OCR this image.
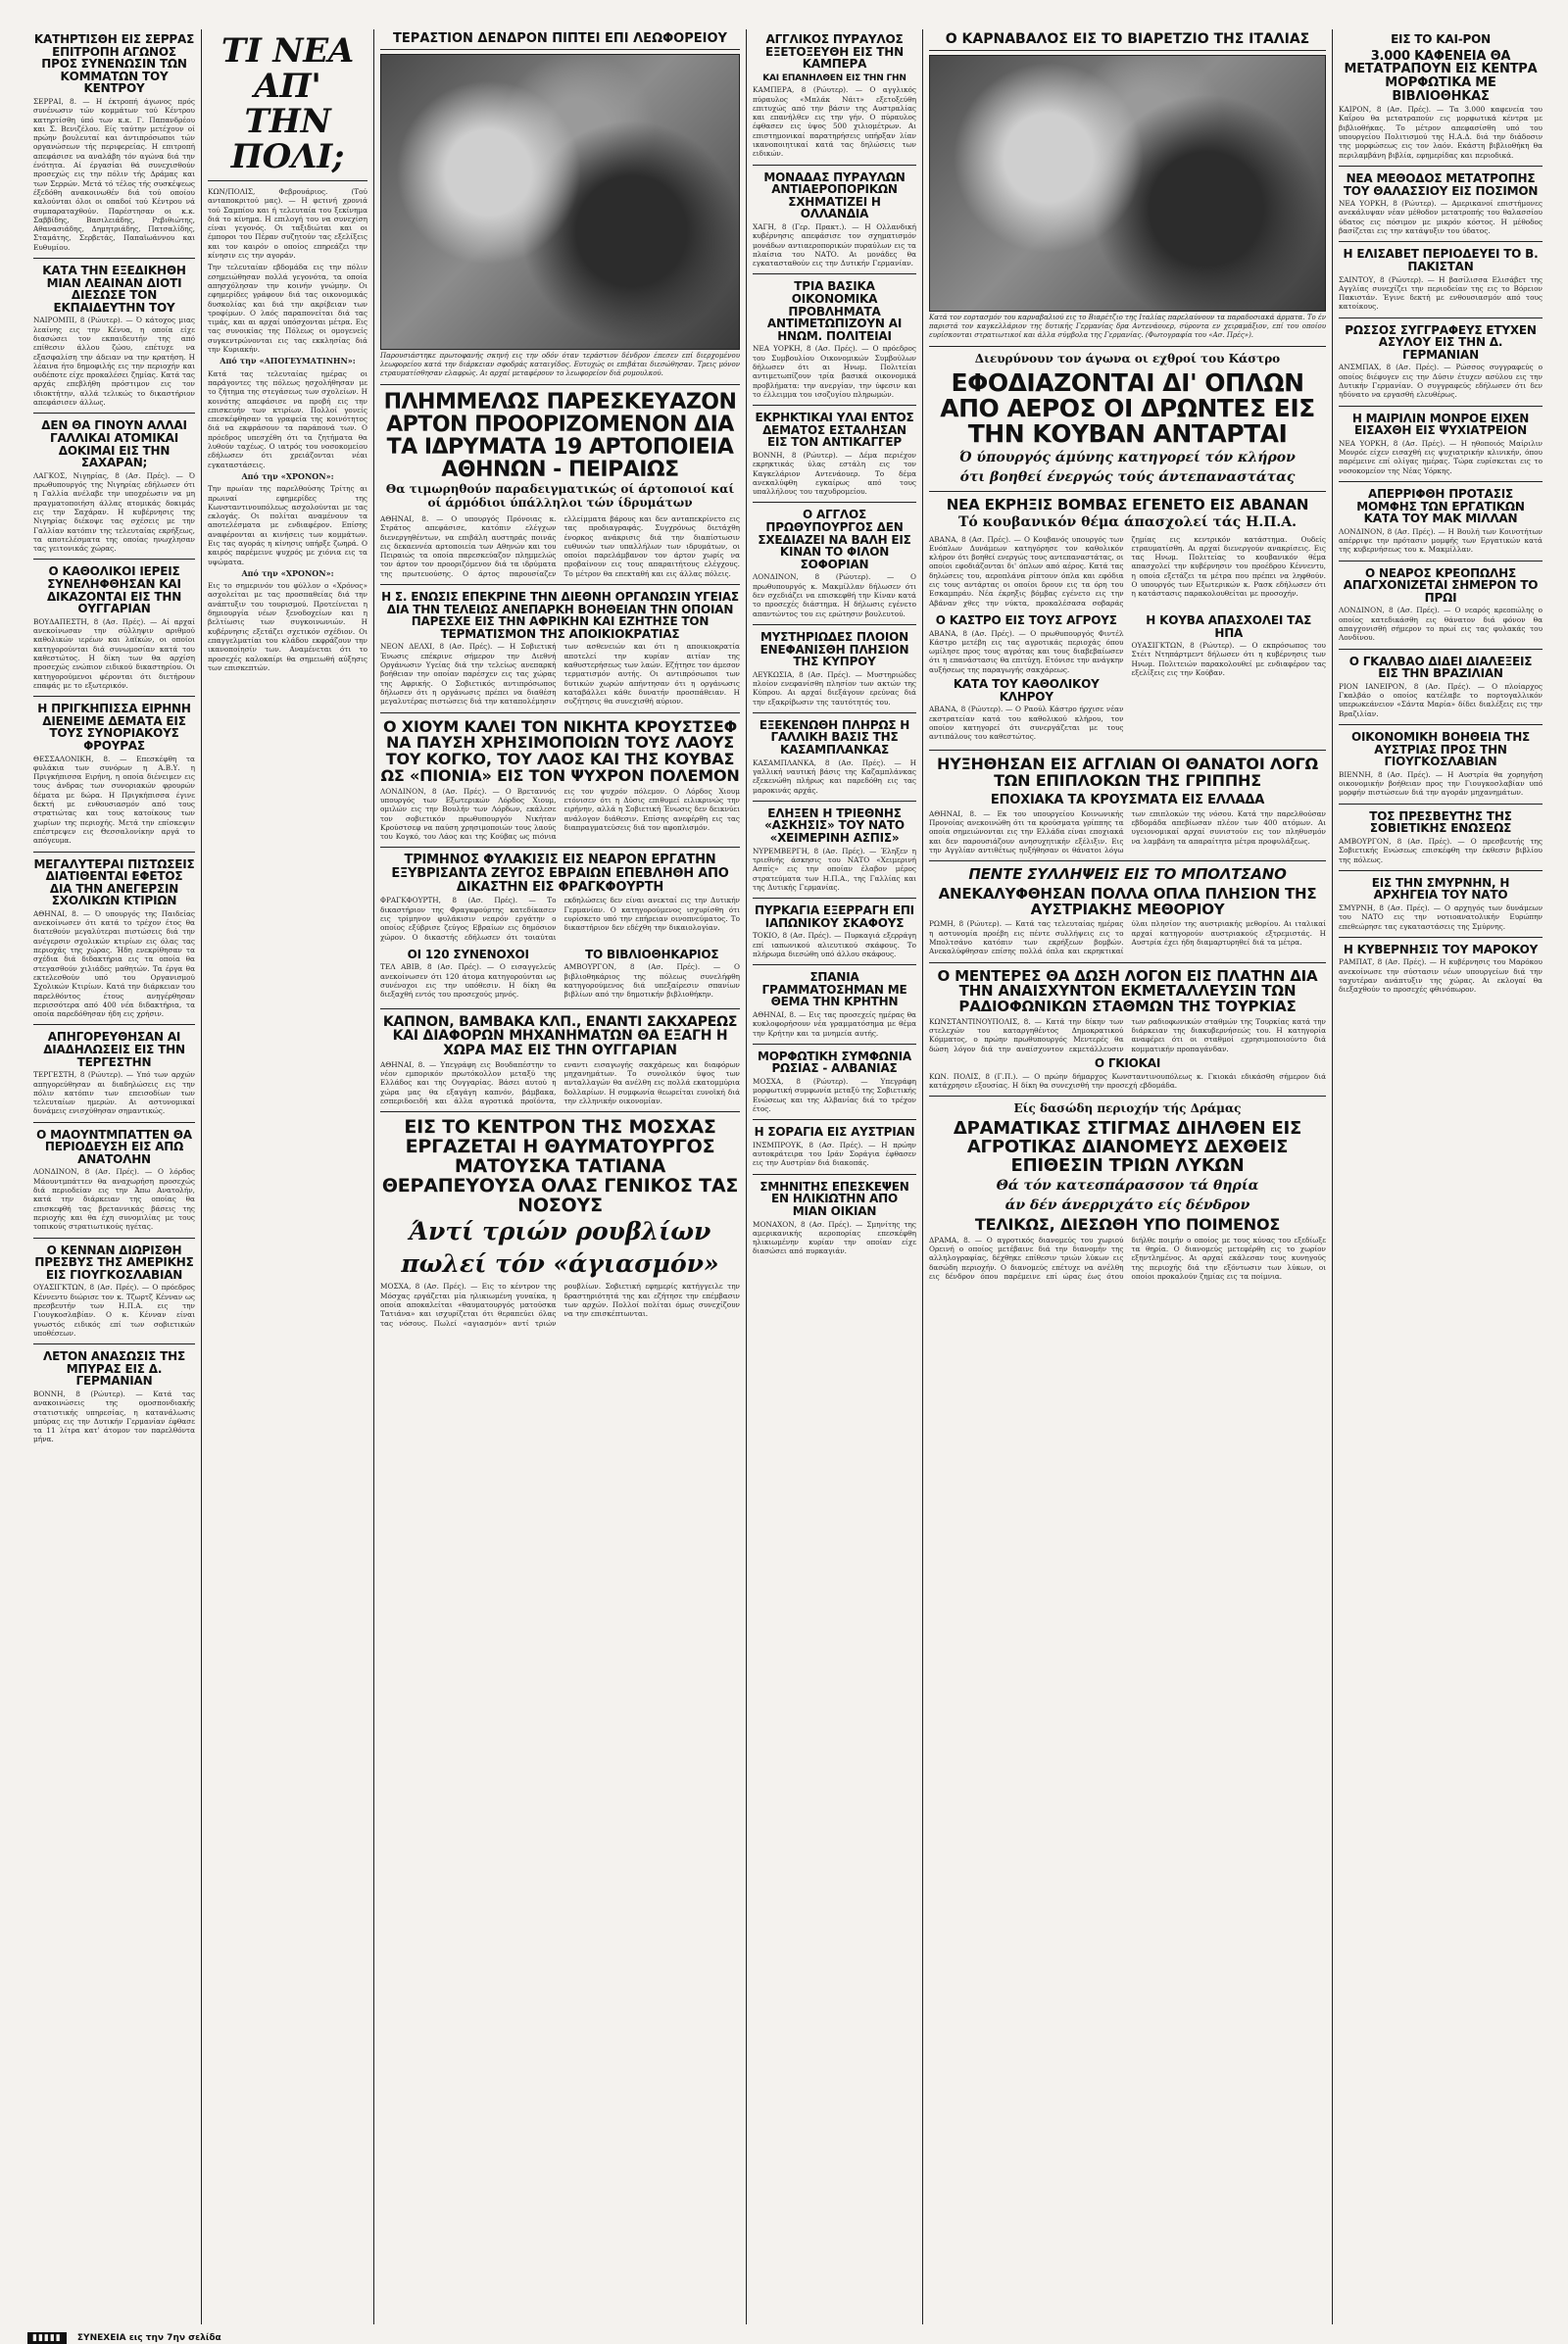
ΚΑΤΗΡΤΙΣΘΗ ΕΙΣ ΣΕΡΡΑΣ ΕΠΙΤΡΟΠΗ ΑΓΩΝΟΣ ΠΡΟΣ ΣΥΝΕΝΩΣΙΝ ΤΩΝ ΚΟΜΜΑΤΩΝ ΤΟΥ ΚΕΝΤΡΟΥ

ΣΕΡΡΑΙ, 8. — Η έκτροπή άγωνος πρός συνένωσιν τών κομμάτων τού Κέντρου κατηρτίσθη ύπό των κ.κ. Γ. Παπανδρέου και Σ. Βενιζέλου. Είς ταύτην μετέχουν οί πρώην βουλευταί και άντιπρόσωποι τών οργανώσεων τής περιφερείας. Η επιτροπή απεφάσισε να αναλάβη τόν αγώνα διά την ένότητα. Αί έργασίαι θά συνεχισθούν προσεχώς εις την πόλιν τής Δράμας και των Σερρών. Μετά τό τέλος τής συσκέψεως έξεδόθη ανακοινωθέν διά τού οποίου καλούνται όλοι οι οπαδοί τού Κέντρου νά συμπαραταχθούν. Παρέστησαν οι κ.κ. Σαββίδης, Βασιλειάδης, Ρεβιθιώτης, Αθανασιάδης, Δημητριάδης, Πατσαλίδης, Σταμάτης, Σερβετάς, Παπαϊωάννου και Ευθυμίου.

ΚΑΤΑ ΤΗΝ ΕΞΕΔΙΚΗΘΗ ΜΙΑΝ ΛΕΑΙΝΑΝ ΔΙΟΤΙ ΔΙΕΣΩΣΕ ΤΟΝ ΕΚΠΑΙΔΕΥΤΗΝ ΤΟΥ

ΝΑΙΡΟΜΠΙ, 8 (Ρώυτερ). — Ό κάτοχος μιας λεαίνης εις την Κένυα, η οποία είχε διασώσει τον εκπαιδευτήν της από επίθεσιν άλλου ζώου, επέτυχε να εξασφαλίση την άδειαν να την κρατήση. Η λέαινα ήτο δημοφιλής εις την περιοχήν και ουδέποτε είχε προκαλέσει ζημίας. Κατά τας αρχάς επεβλήθη πρόστιμον εις τον ιδιοκτήτην, αλλά τελικώς το δικαστήριον απεφάσισεν άλλως.

ΔΕΝ ΘΑ ΓΙΝΟΥΝ ΑΛΛΑΙ ΓΑΛΛΙΚΑΙ ΑΤΟΜΙΚΑΙ ΔΟΚΙΜΑΙ ΕΙΣ ΤΗΝ ΣΑΧΑΡΑΝ;

ΛΑΓΚΟΣ, Νιγηρίας, 8 (Ασ. Πρές). — Ό πρωθυπουργός της Νιγηρίας εδήλωσεν ότι η Γαλλία ανέλαβε την υποχρέωσιν να μη πραγματοποιήση άλλας ατομικάς δοκιμάς εις την Σαχάραν. Η κυβέρνησις της Νιγηρίας διέκοψε τας σχέσεις με την Γαλλίαν κατόπιν της τελευταίας εκρήξεως, τα αποτελέσματα της οποίας ηνωχλησαν τας γειτονικάς χώρας.

Ο ΚΑΘΟΛΙΚΟΙ ΙΕΡΕΙΣ ΣΥΝΕΛΗΦΘΗΣΑΝ ΚΑΙ ΔΙΚΑΖΟΝΤΑΙ ΕΙΣ ΤΗΝ ΟΥΓΓΑΡΙΑΝ

ΒΟΥΔΑΠΕΣΤΗ, 8 (Ασ. Πρές). — Αί αρχαί ανεκοίνωσαν την σύλληψιν αριθμού καθολικών ιερέων και λαϊκών, οι οποίοι κατηγορούνται διά συνωμοσίαν κατά του καθεστώτος. Η δίκη των θα αρχίση προσεχώς ενώπιον ειδικού δικαστηρίου. Οι κατηγορούμενοι φέρονται ότι διετήρουν επαφάς με το εξωτερικόν.

Η ΠΡΙΓΚΗΠΙΣΣΑ ΕΙΡΗΝΗ ΔΙΕΝΕΙΜΕ ΔΕΜΑΤΑ ΕΙΣ ΤΟΥΣ ΣΥΝΟΡΙΑΚΟΥΣ ΦΡΟΥΡΑΣ

ΘΕΣΣΑΛΟΝΙΚΗ, 8. — Επεσκέφθη τα φυλάκια των συνόρων η Α.Β.Υ. η Πριγκήπισσα Ειρήνη, η οποία διένειμεν εις τους άνδρας των συνοριακών φρουρών δέματα με δώρα. Η Πριγκήπισσα έγινε δεκτή με ενθουσιασμόν από τους στρατιώτας και τους κατοίκους των χωρίων της περιοχής. Μετά την επίσκεψιν επέστρεψεν εις Θεσσαλονίκην αργά το απόγευμα.

ΜΕΓΑΛΥΤΕΡΑΙ ΠΙΣΤΩΣΕΙΣ ΔΙΑΤΙΘΕΝΤΑΙ ΕΦΕΤΟΣ ΔΙΑ ΤΗΝ ΑΝΕΓΕΡΣΙΝ ΣΧΟΛΙΚΩΝ ΚΤΙΡΙΩΝ

ΑΘΗΝΑΙ, 8. — Ό υπουργός της Παιδείας ανεκοίνωσεν ότι κατά το τρέχον έτος θα διατεθούν μεγαλύτεραι πιστώσεις διά την ανέγερσιν σχολικών κτιρίων εις όλας τας περιοχάς της χώρας. Ήδη ενεκρίθησαν τα σχέδια διά διδακτήρια εις τα οποία θα στεγασθούν χιλιάδες μαθητών. Τα έργα θα εκτελεσθούν υπό του Οργανισμού Σχολικών Κτιρίων. Κατά την διάρκειαν του παρελθόντος έτους ανηγέρθησαν περισσότερα από 400 νέα διδακτήρια, τα οποία παρεδόθησαν ήδη εις χρήσιν.

ΑΠΗΓΟΡΕΥΘΗΣΑΝ ΑΙ ΔΙΑΔΗΛΩΣΕΙΣ ΕΙΣ ΤΗΝ ΤΕΡΓΕΣΤΗΝ

ΤΕΡΓΕΣΤΗ, 8 (Ρώυτερ). — Υπό των αρχών απηγορεύθησαν αι διαδηλώσεις εις την πόλιν κατόπιν των επεισοδίων των τελευταίων ημερών. Αι αστυνομικαί δυνάμεις ενισχύθησαν σημαντικώς.

Ο ΜΑΟΥΝΤΜΠΑΤΤΕΝ ΘΑ ΠΕΡΙΟΔΕΥΣΗ ΕΙΣ ΑΠΩ ΑΝΑΤΟΛΗΝ

ΛΟΝΔΙΝΟΝ, 8 (Ασ. Πρές). — Ο λόρδος Μάουντμπάττεν θα αναχωρήση προσεχώς διά περιοδείαν εις την Άπω Ανατολήν, κατά την διάρκειαν της οποίας θα επισκεφθή τας βρεταννικάς βάσεις της περιοχής και θα έχη συνομιλίας με τους τοπικούς στρατιωτικούς ηγέτας.

Ο ΚΕΝΝΑΝ ΔΙΩΡΙΣΘΗ ΠΡΕΣΒΥΣ ΤΗΣ ΑΜΕΡΙΚΗΣ ΕΙΣ ΓΙΟΥΓΚΟΣΛΑΒΙΑΝ

ΟΥΑΣΙΓΚΤΩΝ, 8 (Ασ. Πρές). — Ο πρόεδρος Κέννεντυ διώρισε τον κ. Τζωρτζ Κένναν ως πρεσβευτήν των Η.Π.Α. εις την Γιουγκοσλαβίαν. Ο κ. Κένναν είναι γνωστός ειδικός επί των σοβιετικών υποθέσεων.

ΛΕΤΟΝ ΑΝΑΣΩΣΙΣ ΤΗΣ ΜΠΥΡΑΣ ΕΙΣ Δ. ΓΕΡΜΑΝΙΑΝ

ΒΟΝΝΗ, 8 (Ρώυτερ). — Κατά τας ανακοινώσεις της ομοσπονδιακής στατιστικής υπηρεσίας, η κατανάλωσις μπύρας εις την Δυτικήν Γερμανίαν έφθασε τα 11 λίτρα κατ' άτομον τον παρελθόντα μήνα.

ΤΙ ΝΕΑ ΑΠ' ΤΗΝ ΠΟΛΙ;

ΚΩΝ/ΠΟΛΙΣ, Φεβρουάριος. (Τού ανταποκριτού μας). — Η φετινή χρονιά τού Σαμπίου και ή τελευταία του ξεκίνημα διά το κίνημα. Η επιλογή του να συνεχίση είναι γεγονός. Οι ταξιδιώται και οι έμποροι του Πέραν συζητούν τας εξελίξεις και τον καιρόν ο οποίος επηρεάζει την κίνησιν εις την αγοράν.

Την τελευταίαν εβδομάδα εις την πόλιν εσημειώθησαν πολλά γεγονότα, τα οποία απησχόλησαν την κοινήν γνώμην. Οι εφημερίδες γράφουν διά τας οικονομικάς δυσκολίας και διά την ακρίβειαν των τροφίμων. Ο λαός παραπονείται διά τας τιμάς, και αι αρχαί υπόσχονται μέτρα. Εις τας συνοικίας της Πόλεως οι ομογενείς συγκεντρώνονται εις τας εκκλησίας διά την Κυριακήν.

Από την «ΑΠΟΓΕΥΜΑΤΙΝΗΝ»:

Κατά τας τελευταίας ημέρας οι παράγοντες της πόλεως ησχολήθησαν με το ζήτημα της στεγάσεως των σχολείων. Η κοινότης απεφάσισε να προβή εις την επισκευήν των κτιρίων. Πολλοί γονείς επεσκέφθησαν τα γραφεία της κοινότητος διά να εκφράσουν τα παράπονά των. Ο πρόεδρος υπεσχέθη ότι τα ζητήματα θα λυθούν ταχέως. Ο ιατρός του νοσοκομείου εδήλωσεν ότι χρειάζονται νέαι εγκαταστάσεις.

Από την «ΧΡΟΝΟΝ»:

Την πρωίαν της παρελθούσης Τρίτης αι πρωιναί εφημερίδες της Κωνσταντινουπόλεως ασχολούνται με τας εκλογάς. Οι πολίται αναμένουν τα αποτελέσματα με ενδιαφέρον. Επίσης αναφέρονται αι κινήσεις των κομμάτων. Εις τας αγοράς η κίνησις υπήρξε ζωηρά. Ο καιρός παρέμεινε ψυχρός με χιόνια εις τα υψώματα.

Από την «ΧΡΟΝΟΝ»:

Εις το σημερινόν του φύλλον ο «Χρόνος» ασχολείται με τας προσπαθείας διά την ανάπτυξιν του τουρισμού. Προτείνεται η δημιουργία νέων ξενοδοχείων και η βελτίωσις των συγκοινωνιών. Η κυβέρνησις εξετάζει σχετικόν σχέδιον. Οι επαγγελματίαι του κλάδου εκφράζουν την ικανοποίησίν των. Αναμένεται ότι το προσεχές καλοκαίρι θα σημειωθή αύξησις των επισκεπτών.

ΤΕΡΑΣΤΙΟΝ ΔΕΝΔΡΟΝ ΠΙΠΤΕΙ ΕΠΙ ΛΕΩΦΟΡΕΙΟΥ

Παρουσιάστηκε πρωτοφανής σκηνή εις την οδόν όταν τεράστιον δένδρον έπεσεν επί διερχομένου λεωφορείου κατά την διάρκειαν σφοδράς καταιγίδος. Ευτυχώς οι επιβάται διεσώθησαν. Τρεις μόνον ετραυματίσθησαν ελαφρώς. Αι αρχαί μεταφέρουν το λεωφορείον διά ρυμουλκού.

ΠΛΗΜΜΕΛΩΣ ΠΑΡΕΣΚΕΥΑΖΟΝ ΑΡΤΟΝ ΠΡΟΟΡΙΖΟΜΕΝΟΝ ΔΙΑ ΤΑ ΙΔΡΥΜΑΤΑ 19 ΑΡΤΟΠΟΙΕΙΑ ΑΘΗΝΩΝ - ΠΕΙΡΑΙΩΣ
Θα τιμωρηθούν παραδειγματικώς οί άρτοποιοί καί οί άρμόδιοι ύπάλληλοι τών ίδρυμάτων

ΑΘΗΝΑΙ, 8. — Ο υπουργός Πρόνοιας κ. Στράτος απεφάσισε, κατόπιν ελέγχων διενεργηθέντων, να επιβάλη αυστηράς ποινάς εις δεκαεννέα αρτοποιεία των Αθηνών και του Πειραιώς τα οποία παρεσκεύαζον πλημμελώς τον άρτον τον προοριζόμενον διά τα ιδρύματα της πρωτευούσης. Ο άρτος παρουσίαζεν ελλείμματα βάρους και δεν ανταπεκρίνετο εις τας προδιαγραφάς. Συγχρόνως διετάχθη ένορκος ανάκρισις διά την διαπίστωσιν ευθυνών των υπαλλήλων των ιδρυμάτων, οι οποίοι παρελάμβανον τον άρτον χωρίς να προβαίνουν εις τους απαραιτήτους ελέγχους. Το μέτρον θα επεκταθή και εις άλλας πόλεις.

Η Σ. ΕΝΩΣΙΣ ΕΠΕΚΡΙΝΕ ΤΗΝ ΔΙΕΘΝΗ ΟΡΓΑΝΩΣΙΝ ΥΓΕΙΑΣ ΔΙΑ ΤΗΝ ΤΕΛΕΙΩΣ ΑΝΕΠΑΡΚΗ ΒΟΗΘΕΙΑΝ ΤΗΝ ΟΠΟΙΑΝ ΠΑΡΕΣΧΕ ΕΙΣ ΤΗΝ ΑΦΡΙΚΗΝ ΚΑΙ ΕΖΗΤΗΣΕ ΤΟΝ ΤΕΡΜΑΤΙΣΜΟΝ ΤΗΣ ΑΠΟΙΚΙΟΚΡΑΤΙΑΣ

ΝΕΟΝ ΔΕΛΧΙ, 8 (Ασ. Πρές). — Η Σοβιετική Ένωσις επέκρινε σήμερον την Διεθνή Οργάνωσιν Υγείας διά την τελείως ανεπαρκή βοήθειαν την οποίαν παρέσχεν εις τας χώρας της Αφρικής. Ο Σοβιετικός αντιπρόσωπος δήλωσεν ότι η οργάνωσις πρέπει να διαθέση μεγαλυτέρας πιστώσεις διά την καταπολέμησιν των ασθενειών και ότι η αποικιοκρατία αποτελεί την κυρίαν αιτίαν της καθυστερήσεως των λαών. Εζήτησε τον άμεσον τερματισμόν αυτής. Οι αντιπρόσωποι των δυτικών χωρών απήντησαν ότι η οργάνωσις καταβάλλει κάθε δυνατήν προσπάθειαν. Η συζήτησις θα συνεχισθή αύριον.

Ο ΧΙΟΥΜ ΚΑΛΕΙ ΤΟΝ ΝΙΚΗΤΑ ΚΡΟΥΣΤΣΕΦ ΝΑ ΠΑΥΣΗ ΧΡΗΣΙΜΟΠΟΙΩΝ ΤΟΥΣ ΛΑΟΥΣ ΤΟΥ ΚΟΓΚΟ, ΤΟΥ ΛΑΟΣ ΚΑΙ ΤΗΣ ΚΟΥΒΑΣ ΩΣ «ΠΙΟΝΙΑ» ΕΙΣ ΤΟΝ ΨΥΧΡΟΝ ΠΟΛΕΜΟΝ

ΛΟΝΔΙΝΟΝ, 8 (Ασ. Πρές). — Ο Βρεταννός υπουργός των Εξωτερικών Λόρδος Χιουμ, ομιλών εις την Βουλήν των Λόρδων, εκάλεσε τον σοβιετικόν πρωθυπουργόν Νικήταν Κρούστσεφ να παύση χρησιμοποιών τους λαούς του Κογκό, του Λάος και της Κούβας ως πιόνια εις τον ψυχρόν πόλεμον. Ο Λόρδος Χιουμ ετόνισεν ότι η Δύσις επιθυμεί ειλικρινώς την ειρήνην, αλλά η Σοβιετική Ένωσις δεν δεικνύει ανάλογον διάθεσιν. Επίσης ανεφέρθη εις τας διαπραγματεύσεις διά τον αφοπλισμόν.

ΤΡΙΜΗΝΟΣ ΦΥΛΑΚΙΣΙΣ ΕΙΣ ΝΕΑΡΟΝ ΕΡΓΑΤΗΝ ΕΞΥΒΡΙΣΑΝΤΑ ΖΕΥΓΟΣ ΕΒΡΑΙΩΝ ΕΠΕΒΛΗΘΗ ΑΠΟ ΔΙΚΑΣΤΗΝ ΕΙΣ ΦΡΑΓΚΦΟΥΡΤΗ

ΦΡΑΓΚΦΟΥΡΤΗ, 8 (Ασ. Πρές). — Το δικαστήριον της Φραγκφούρτης κατεδίκασεν εις τρίμηνον φυλάκισιν νεαρόν εργάτην ο οποίος εξύβρισε ζεύγος Εβραίων εις δημόσιον χώρον. Ο δικαστής εδήλωσεν ότι τοιαύται εκδηλώσεις δεν είναι ανεκταί εις την Δυτικήν Γερμανίαν. Ο κατηγορούμενος ισχυρίσθη ότι ευρίσκετο υπό την επήρειαν οινοπνεύματος. Το δικαστήριον δεν εδέχθη την δικαιολογίαν.

ΟΙ 120 ΣΥΝΕΝΟΧΟΙ

ΤΕΛ ΑΒΙΒ, 8 (Ασ. Πρές). — Ο εισαγγελεύς ανεκοίνωσεν ότι 120 άτομα κατηγορούνται ως συνένοχοι εις την υπόθεσιν. Η δίκη θα διεξαχθή εντός του προσεχούς μηνός.

ΤΟ ΒΙΒΛΙΟΘΗΚΑΡΙΟΣ

ΑΜΒΟΥΡΓΟΝ, 8 (Ασ. Πρές). — Ο βιβλιοθηκάριος της πόλεως συνελήφθη κατηγορούμενος διά υπεξαίρεσιν σπανίων βιβλίων από την δημοτικήν βιβλιοθήκην.

ΚΑΠΝΟΝ, ΒΑΜΒΑΚΑ ΚΛΠ., ΕΝΑΝΤΙ ΣΑΚΧΑΡΕΩΣ ΚΑΙ ΔΙΑΦΟΡΩΝ ΜΗΧΑΝΗΜΑΤΩΝ ΘΑ ΕΞΑΓΗ Η ΧΩΡΑ ΜΑΣ ΕΙΣ ΤΗΝ ΟΥΓΓΑΡΙΑΝ

ΑΘΗΝΑΙ, 8. — Υπεγράφη εις Βουδαπέστην το νέον εμπορικόν πρωτόκολλον μεταξύ της Ελλάδος και της Ουγγαρίας. Βάσει αυτού η χώρα μας θα εξαγάγη καπνόν, βάμβακα, εσπεριδοειδή και άλλα αγροτικά προϊόντα, εναντι εισαγωγής σακχάρεως και διαφόρων μηχανημάτων. Το συνολικόν ύψος των ανταλλαγών θα ανέλθη εις πολλά εκατομμύρια δολλαρίων. Η συμφωνία θεωρείται ευνοϊκή διά την ελληνικήν οικονομίαν.

ΕΙΣ ΤΟ ΚΕΝΤΡΟΝ ΤΗΣ ΜΟΣΧΑΣ ΕΡΓΑΖΕΤΑΙ Η ΘΑΥΜΑΤΟΥΡΓΟΣ ΜΑΤΟΥΣΚΑ ΤΑΤΙΑΝΑ ΘΕΡΑΠΕΥΟΥΣΑ ΟΛΑΣ ΓΕΝΙΚΟΣ ΤΑΣ ΝΟΣΟΥΣ
Άντί τριών ρουβλίων
πωλεί τόν «άγιασμόν»

ΜΟΣΧΑ, 8 (Ασ. Πρές). — Εις το κέντρον της Μόσχας εργάζεται μία ηλικιωμένη γυναίκα, η οποία αποκαλείται «θαυματουργός ματούσκα Τατιάνα» και ισχυρίζεται ότι θεραπεύει όλας τας νόσους. Πωλεί «αγιασμόν» αντί τριών ρουβλίων. Σοβιετική εφημερίς κατήγγειλε την δραστηριότητά της και εζήτησε την επέμβασιν των αρχών. Πολλοί πολίται όμως συνεχίζουν να την επισκέπτωνται.

ΑΓΓΛΙΚΟΣ ΠΥΡΑΥΛΟΣ ΕΞΕΤΟΞΕΥΘΗ ΕΙΣ ΤΗΝ ΚΑΜΠΕΡΑ
ΚΑΙ ΕΠΑΝΗΛΘΕΝ ΕΙΣ ΤΗΝ ΓΗΝ

ΚΑΜΠΕΡΑ, 8 (Ρώυτερ). — Ο αγγλικός πύραυλος «Μπλάκ Νάιτ» εξετοξεύθη επιτυχώς από την βάσιν της Αυστραλίας και επανήλθεν εις την γήν. Ο πύραυλος έφθασεν εις ύψος 500 χιλιομέτρων. Αι επιστημονικαί παρατηρήσεις υπήρξαν λίαν ικανοποιητικαί κατά τας δηλώσεις των ειδικών.

ΜΟΝΑΔΑΣ ΠΥΡΑΥΛΩΝ ΑΝΤΙΑΕΡΟΠΟΡΙΚΩΝ ΣΧΗΜΑΤΙΖΕΙ Η ΟΛΛΑΝΔΙΑ

ΧΑΓΗ, 8 (Γερ. Πρακτ.). — Η Ολλανδική κυβέρνησις απεφάσισε τον σχηματισμόν μονάδων αντιαεροπορικών πυραύλων εις τα πλαίσια του ΝΑΤΟ. Αι μονάδες θα εγκατασταθούν εις την Δυτικήν Γερμανίαν.

ΤΡΙΑ ΒΑΣΙΚΑ ΟΙΚΟΝΟΜΙΚΑ ΠΡΟΒΛΗΜΑΤΑ ΑΝΤΙΜΕΤΩΠΙΖΟΥΝ ΑΙ ΗΝΩΜ. ΠΟΛΙΤΕΙΑΙ

ΝΕΑ ΥΟΡΚΗ, 8 (Ασ. Πρές). — Ο πρόεδρος του Συμβουλίου Οικονομικών Συμβούλων δήλωσεν ότι αι Ηνωμ. Πολιτείαι αντιμετωπίζουν τρία βασικά οικονομικά προβλήματα: την ανεργίαν, την ύφεσιν και το έλλειμμα του ισοζυγίου πληρωμών.

ΕΚΡΗΚΤΙΚΑΙ ΥΛΑΙ ΕΝΤΟΣ ΔΕΜΑΤΟΣ ΕΣΤΑΛΗΣΑΝ ΕΙΣ ΤΟΝ ΑΝΤΙΚΑΓΓΕΡ

ΒΟΝΝΗ, 8 (Ρώυτερ). — Δέμα περιέχον εκρηκτικάς ύλας εστάλη εις τον Καγκελάριον Αντενάουερ. Το δέμα ανεκαλύφθη εγκαίρως από τους υπαλλήλους του ταχυδρομείου.

Ο ΑΓΓΛΟΣ ΠΡΩΘΥΠΟΥΡΓΟΣ ΔΕΝ ΣΧΕΔΙΑΖΕΙ ΝΑ ΒΑΛΗ ΕΙΣ ΚΙΝΑΝ ΤΟ ΦΙΛΟΝ ΣΟΦΟΡΙΑΝ

ΛΟΝΔΙΝΟΝ, 8 (Ρώυτερ). — Ο πρωθυπουργός κ. Μακμίλλαν δήλωσεν ότι δεν σχεδιάζει να επισκεφθή την Κίναν κατά το προσεχές διάστημα. Η δήλωσις εγένετο απαντώντος του εις ερώτησιν βουλευτού.

ΜΥΣΤΗΡΙΩΔΕΣ ΠΛΟΙΟΝ ΕΝΕΦΑΝΙΣΘΗ ΠΛΗΣΙΟΝ ΤΗΣ ΚΥΠΡΟΥ

ΛΕΥΚΩΣΙΑ, 8 (Ασ. Πρές). — Μυστηριώδες πλοίον ενεφανίσθη πλησίον των ακτών της Κύπρου. Αι αρχαί διεξάγουν ερεύνας διά την εξακρίβωσιν της ταυτότητός του.

ΕΞΕΚΕΝΩΘΗ ΠΛΗΡΩΣ Η ΓΑΛΛΙΚΗ ΒΑΣΙΣ ΤΗΣ ΚΑΣΑΜΠΛΑΝΚΑΣ

ΚΑΣΑΜΠΛΑΝΚΑ, 8 (Ασ. Πρές). — Η γαλλική ναυτική βάσις της Καζαμπλάνκας εξεκενώθη πλήρως και παρεδόθη εις τας μαροκινάς αρχάς.

ΕΛΗΞΕΝ Η ΤΡΙΕΘΝΗΣ «ΑΣΚΗΣΙΣ» ΤΟΥ ΝΑΤΟ «ΧΕΙΜΕΡΙΝΗ ΑΣΠΙΣ»

ΝΥΡΕΜΒΕΡΓΗ, 8 (Ασ. Πρές). — Έληξεν η τριεθνής άσκησις του ΝΑΤΟ «Χειμερινή Ασπίς» εις την οποίαν έλαβον μέρος στρατεύματα των Η.Π.Α., της Γαλλίας και της Δυτικής Γερμανίας.

ΠΥΡΚΑΓΙΑ ΕΞΕΡΡΑΓΗ ΕΠΙ ΙΑΠΩΝΙΚΟΥ ΣΚΑΦΟΥΣ

ΤΟΚΙΟ, 8 (Ασ. Πρές). — Πυρκαγιά εξερράγη επί ιαπωνικού αλιευτικού σκάφους. Το πλήρωμα διεσώθη υπό άλλου σκάφους.

ΣΠΑΝΙΑ ΓΡΑΜΜΑΤΟΣΗΜΑΝ ΜΕ ΘΕΜΑ ΤΗΝ ΚΡΗΤΗΝ

ΑΘΗΝΑΙ, 8. — Εις τας προσεχείς ημέρας θα κυκλοφορήσουν νέα γραμματόσημα με θέμα την Κρήτην και τα μνημεία αυτής.

ΜΟΡΦΩΤΙΚΗ ΣΥΜΦΩΝΙΑ ΡΩΣΙΑΣ - ΑΛΒΑΝΙΑΣ

ΜΟΣΧΑ, 8 (Ρώυτερ). — Υπεγράφη μορφωτική συμφωνία μεταξύ της Σοβιετικής Ενώσεως και της Αλβανίας διά το τρέχον έτος.

Η ΣΟΡΑΓΙΑ ΕΙΣ ΑΥΣΤΡΙΑΝ

ΙΝΣΜΠΡΟΥΚ, 8 (Ασ. Πρές). — Η πρώην αυτοκράτειρα του Ιράν Σοράγια έφθασεν εις την Αυστρίαν διά διακοπάς.

ΣΜΗΝΙΤΗΣ ΕΠΕΣΚΕΨΕΝ ΕΝ ΗΛΙΚΙΩΤΗΝ ΑΠΟ ΜΙΑΝ ΟΙΚΙΑΝ

ΜΟΝΑΧΟΝ, 8 (Ασ. Πρές). — Σμηνίτης της αμερικανικής αεροπορίας επεσκέφθη ηλικιωμένην κυρίαν την οποίαν είχε διασώσει από πυρκαγιάν.

Ο ΚΑΡΝΑΒΑΛΟΣ ΕΙΣ ΤΟ ΒΙΑΡΕΤΖΙΟ ΤΗΣ ΙΤΑΛΙΑΣ

Κατά τον εορτασμόν του καρναβαλιού εις το Βιαρέτζιο της Ιταλίας παρελαύνουν τα παραδοσιακά άρματα. Το έν παριστά τον καγκελλάριον της δυτικής Γερμανίας δρα Αντενάουερ, σύροντα εν χειραμάξιον, επί του οποίου ευρίσκονται στρατιωτικοί και άλλα σύμβολα της Γερμανίας. (Φωτογραφία του «Ασ. Πρές»).

Διευρύνουν τον άγωνα οι εχθροί του Κάστρο
ΕΦΟΔΙΑΖΟΝΤΑΙ ΔΙ' ΟΠΛΩΝ ΑΠΟ ΑΕΡΟΣ ΟΙ ΔΡΩΝΤΕΣ ΕΙΣ ΤΗΝ ΚΟΥΒΑΝ ΑΝΤΑΡΤΑΙ
Ό ύπουργός άμύνης κατηγορεί τόν κλήρον
ότι βοηθεί ένεργώς τούς άντεπαναστάτας
ΝΕΑ ΕΚΡΗΞΙΣ ΒΟΜΒΑΣ ΕΓΕΝΕΤΟ ΕΙΣ ΑΒΑΝΑΝ
Τό κουβανικόν θέμα άπασχολεί τάς Η.Π.Α.

ΑΒΑΝΑ, 8 (Ασ. Πρές). — Ο Κουβανός υπουργός των Ενόπλων Δυνάμεων κατηγόρησε τον καθολικόν κλήρον ότι βοηθεί ενεργώς τους αντεπαναστάτας, οι οποίοι εφοδιάζονται δι' όπλων από αέρος. Κατά τας δηλώσεις του, αεροπλάνα ρίπτουν όπλα και εφόδια εις τους αντάρτας οι οποίοι δρουν εις τα όρη του Εσκαμπράυ. Νέα έκρηξις βόμβας εγένετο εις την Αβάναν χθες την νύκτα, προκαλέσασα σοβαράς ζημίας εις κεντρικόν κατάστημα. Ουδείς ετραυματίσθη. Αι αρχαί διενεργούν ανακρίσεις. Εις τας Ηνωμ. Πολιτείας το κουβανικόν θέμα απασχολεί την κυβέρνησιν του προέδρου Κέννεντυ, η οποία εξετάζει τα μέτρα που πρέπει να ληφθούν. Ο υπουργός των Εξωτερικών κ. Ρασκ εδήλωσεν ότι η κατάστασις παρακολουθείται με προσοχήν.

Ο ΚΑΣΤΡΟ ΕΙΣ ΤΟΥΣ ΑΓΡΟΥΣ

ΑΒΑΝΑ, 8 (Ασ. Πρές). — Ο πρωθυπουργός Φιντέλ Κάστρο μετέβη εις τας αγροτικάς περιοχάς όπου ωμίλησε προς τους αγρότας και τους διαβεβαίωσεν ότι η επανάστασις θα επιτύχη. Ετόνισε την ανάγκην αυξήσεως της παραγωγής σακχάρεως.

ΚΑΤΑ ΤΟΥ ΚΑΘΟΛΙΚΟΥ ΚΛΗΡΟΥ

ΑΒΑΝΑ, 8 (Ρώυτερ). — Ο Ραούλ Κάστρο ήρχισε νέαν εκστρατείαν κατά του καθολικού κλήρου, τον οποίον κατηγορεί ότι συνεργάζεται με τους αντιπάλους του καθεστώτος.

Η ΚΟΥΒΑ ΑΠΑΣΧΟΛΕΙ ΤΑΣ ΗΠΑ

ΟΥΑΣΙΓΚΤΩΝ, 8 (Ρώυτερ). — Ο εκπρόσωπος του Στέιτ Ντηπάρτμεντ δήλωσεν ότι η κυβέρνησις των Ηνωμ. Πολιτειών παρακολουθεί με ενδιαφέρον τας εξελίξεις εις την Κούβαν.

ΗΥΞΗΘΗΣΑΝ ΕΙΣ ΑΓΓΛΙΑΝ ΟΙ ΘΑΝΑΤΟΙ ΛΟΓΩ ΤΩΝ ΕΠΙΠΛΟΚΩΝ ΤΗΣ ΓΡΙΠΠΗΣ
ΕΠΟΧΙΑΚΑ ΤΑ ΚΡΟΥΣΜΑΤΑ ΕΙΣ ΕΛΛΑΔΑ

ΑΘΗΝΑΙ, 8. — Εκ του υπουργείου Κοινωνικής Προνοίας ανεκοινώθη ότι τα κρούσματα γρίππης τα οποία σημειώνονται εις την Ελλάδα είναι εποχιακά και δεν παρουσιάζουν ανησυχητικήν εξέλιξιν. Εις την Αγγλίαν αντιθέτως ηυξήθησαν οι θάνατοι λόγω των επιπλοκών της νόσου. Κατά την παρελθούσαν εβδομάδα απεβίωσαν πλέον των 400 ατόμων. Αι υγειονομικαί αρχαί συνιστούν εις τον πληθυσμόν να λαμβάνη τα απαραίτητα μέτρα προφυλάξεως.

ΠΕΝΤΕ ΣΥΛΛΗΨΕΙΣ ΕΙΣ ΤΟ ΜΠΟΛΤΣΑΝΟ
ΑΝΕΚΑΛΥΦΘΗΣΑΝ ΠΟΛΛΑ ΟΠΛΑ ΠΛΗΣΙΟΝ ΤΗΣ ΑΥΣΤΡΙΑΚΗΣ ΜΕΘΟΡΙΟΥ

ΡΩΜΗ, 8 (Ρώυτερ). — Κατά τας τελευταίας ημέρας η αστυνομία προέβη εις πέντε συλλήψεις εις το Μπολτσάνο κατόπιν των εκρήξεων βομβών. Ανεκαλύφθησαν επίσης πολλά όπλα και εκρηκτικαί ύλαι πλησίον της αυστριακής μεθορίου. Αι ιταλικαί αρχαί κατηγορούν αυστριακούς εξτρεμιστάς. Η Αυστρία έχει ήδη διαμαρτυρηθεί διά τα μέτρα.

Ο ΜΕΝΤΕΡΕΣ ΘΑ ΔΩΣΗ ΛΟΓΟΝ ΕΙΣ ΠΛΑΤΗΝ ΔΙΑ ΤΗΝ ΑΝΑΙΣΧΥΝΤΟΝ ΕΚΜΕΤΑΛΛΕΥΣΙΝ ΤΩΝ ΡΑΔΙΟΦΩΝΙΚΩΝ ΣΤΑΘΜΩΝ ΤΗΣ ΤΟΥΡΚΙΑΣ

ΚΩΝΣΤΑΝΤΙΝΟΥΠΟΛΙΣ, 8. — Κατά την δίκην των στελεχών του καταργηθέντος Δημοκρατικού Κόμματος, ο πρώην πρωθυπουργός Μεντερές θα δώση λόγον διά την αναίσχυντον εκμετάλλευσιν των ραδιοφωνικών σταθμών της Τουρκίας κατά την διάρκειαν της διακυβερνήσεώς του. Η κατηγορία αναφέρει ότι οι σταθμοί εχρησιμοποιούντο διά κομματικήν προπαγάνδαν.

Ο ΓΚΙΟΚΑΙ

ΚΩΝ. ΠΟΛΙΣ, 8 (Γ.Π.). — Ο πρώην δήμαρχος Κωνσταντινουπόλεως κ. Γκιοκάι εδικάσθη σήμερον διά κατάχρησιν εξουσίας. Η δίκη θα συνεχισθή την προσεχή εβδομάδα.

Είς δασώδη περιοχήν τής Δράμας
ΔΡΑΜΑΤΙΚΑΣ ΣΤΙΓΜΑΣ ΔΙΗΛΘΕΝ ΕΙΣ ΑΓΡΟΤΙΚΑΣ ΔΙΑΝΟΜΕΥΣ ΔΕΧΘΕΙΣ ΕΠΙΘΕΣΙΝ ΤΡΙΩΝ ΛΥΚΩΝ
Θά τόν κατεσπάρασσον τά θηρία
άν δέν άνερριχάτο είς δένδρον
ΤΕΛΙΚΩΣ, ΔΙΕΣΩΘΗ ΥΠΟ ΠΟΙΜΕΝΟΣ

ΔΡΑΜΑ, 8. — Ο αγροτικός διανομεύς του χωριού Ορεινή ο οποίος μετέβαινε διά την διανομήν της αλληλογραφίας, δέχθηκε επίθεσιν τριών λύκων εις δασώδη περιοχήν. Ο διανομεύς επέτυχε να ανέλθη εις δένδρον όπου παρέμεινε επί ώρας έως ότου διήλθε ποιμήν ο οποίος με τους κύνας του εξεδίωξε τα θηρία. Ο διανομεύς μετεφέρθη εις το χωρίον εξηντλημένος. Αι αρχαί εκάλεσαν τους κυνηγούς της περιοχής διά την εξόντωσιν των λύκων, οι οποίοι προκαλούν ζημίας εις τα ποίμνια.

ΕΙΣ ΤΟ ΚΑΙ-ΡΟΝ
3.000 ΚΑΦΕΝΕΙΑ ΘΑ ΜΕΤΑΤΡΑΠΟΥΝ ΕΙΣ ΚΕΝΤΡΑ ΜΟΡΦΩΤΙΚΑ ΜΕ ΒΙΒΛΙΟΘΗΚΑΣ

ΚΑΙΡΟΝ, 8 (Ασ. Πρές). — Τα 3.000 καφενεία του Καΐρου θα μετατραπούν εις μορφωτικά κέντρα με βιβλιοθήκας. Το μέτρον απεφασίσθη υπό του υπουργείου Πολιτισμού της Η.Α.Δ. διά την διάδοσιν της μορφώσεως εις τον λαόν. Εκάστη βιβλιοθήκη θα περιλαμβάνη βιβλία, εφημερίδας και περιοδικά.

ΝΕΑ ΜΕΘΟΔΟΣ ΜΕΤΑΤΡΟΠΗΣ ΤΟΥ ΘΑΛΑΣΣΙΟΥ ΕΙΣ ΠΟΣΙΜΟΝ

ΝΕΑ ΥΟΡΚΗ, 8 (Ρώυτερ). — Αμερικανοί επιστήμονες ανεκάλυψαν νέαν μέθοδον μετατροπής του θαλασσίου ύδατος εις πόσιμον με μικρόν κόστος. Η μέθοδος βασίζεται εις την κατάψυξιν του ύδατος.

Η ΕΛΙΣΑΒΕΤ ΠΕΡΙΟΔΕΥΕΙ ΤΟ Β. ΠΑΚΙΣΤΑΝ

ΣΑΙΝΤΟΥ, 8 (Ρώυτερ). — Η βασίλισσα Ελισάβετ της Αγγλίας συνεχίζει την περιοδείαν της εις το Βόρειον Πακιστάν. Έγινε δεκτή με ενθουσιασμόν από τους κατοίκους.

ΡΩΣΣΟΣ ΣΥΓΓΡΑΦΕΥΣ ΕΤΥΧΕΝ ΑΣΥΛΟΥ ΕΙΣ ΤΗΝ Δ. ΓΕΡΜΑΝΙΑΝ

ΑΝΣΜΠΑΧ, 8 (Ασ. Πρές). — Ρώσσος συγγραφεύς ο οποίος διέφυγεν εις την Δύσιν έτυχεν ασύλου εις την Δυτικήν Γερμανίαν. Ο συγγραφεύς εδήλωσεν ότι δεν ηδύνατο να εργασθή ελευθέρως.

Η ΜΑΙΡΙΛΙΝ ΜΟΝΡΟΕ ΕΙΧΕΝ ΕΙΣΑΧΘΗ ΕΙΣ ΨΥΧΙΑΤΡΕΙΟΝ

ΝΕΑ ΥΟΡΚΗ, 8 (Ασ. Πρές). — Η ηθοποιός Μαίριλιν Μονρόε είχεν εισαχθή εις ψυχιατρικήν κλινικήν, όπου παρέμεινε επί ολίγας ημέρας. Τώρα ευρίσκεται εις το νοσοκομείον της Νέας Υόρκης.

ΑΠΕΡΡΙΦΘΗ ΠΡΟΤΑΣΙΣ ΜΟΜΦΗΣ ΤΩΝ ΕΡΓΑΤΙΚΩΝ ΚΑΤΑ ΤΟΥ ΜΑΚ ΜΙΛΛΑΝ

ΛΟΝΔΙΝΟΝ, 8 (Ασ. Πρές). — Η Βουλή των Κοινοτήτων απέρριψε την πρότασιν μομφής των Εργατικών κατά της κυβερνήσεως του κ. Μακμίλλαν.

Ο ΝΕΑΡΟΣ ΚΡΕΟΠΩΛΗΣ ΑΠΑΓΧΟΝΙΖΕΤΑΙ ΣΗΜΕΡΟΝ ΤΟ ΠΡΩΙ

ΛΟΝΔΙΝΟΝ, 8 (Ασ. Πρές). — Ο νεαρός κρεοπώλης ο οποίος κατεδικάσθη εις θάνατον διά φόνον θα απαγχονισθή σήμερον το πρωί εις τας φυλακάς του Λονδίνου.

Ο ΓΚΑΛΒΑΟ ΔΙΔΕΙ ΔΙΑΛΕΞΕΙΣ ΕΙΣ ΤΗΝ ΒΡΑΖΙΛΙΑΝ

ΡΙΟΝ ΙΑΝΕΙΡΟΝ, 8 (Ασ. Πρές). — Ο πλοίαρχος Γκαλβάο ο οποίος κατέλαβε το πορτογαλλικόν υπερωκεάνειον «Σάντα Μαρία» δίδει διαλέξεις εις την Βραζιλίαν.

ΟΙΚΟΝΟΜΙΚΗ ΒΟΗΘΕΙΑ ΤΗΣ ΑΥΣΤΡΙΑΣ ΠΡΟΣ ΤΗΝ ΓΙΟΥΓΚΟΣΛΑΒΙΑΝ

ΒΙΕΝΝΗ, 8 (Ασ. Πρές). — Η Αυστρία θα χορηγήση οικονομικήν βοήθειαν προς την Γιουγκοσλαβίαν υπό μορφήν πιστώσεων διά την αγοράν μηχανημάτων.

ΤΟΣ ΠΡΕΣΒΕΥΤΗΣ ΤΗΣ ΣΟΒΙΕΤΙΚΗΣ ΕΝΩΣΕΩΣ

ΑΜΒΟΥΡΓΟΝ, 8 (Ασ. Πρές). — Ο πρεσβευτής της Σοβιετικής Ενώσεως επισκέφθη την έκθεσιν βιβλίου της πόλεως.

ΕΙΣ ΤΗΝ ΣΜΥΡΝΗΝ, Η ΑΡΧΗΓΕΙΑ ΤΟΥ ΝΑΤΟ

ΣΜΥΡΝΗ, 8 (Ασ. Πρές). — Ο αρχηγός των δυνάμεων του ΝΑΤΟ εις την νοτιοανατολικήν Ευρώπην επεθεώρησε τας εγκαταστάσεις της Σμύρνης.

Η ΚΥΒΕΡΝΗΣΙΣ ΤΟΥ ΜΑΡΟΚΟΥ

ΡΑΜΠΑΤ, 8 (Ασ. Πρές). — Η κυβέρνησις του Μαρόκου ανεκοίνωσε την σύστασιν νέων υπουργείων διά την ταχυτέραν ανάπτυξιν της χώρας. Αι εκλογαί θα διεξαχθούν το προσεχές φθινόπωρον.

▮▮▮▮▮ ΣΥΝΕΧΕΙΑ εις την 7ην σελίδα
